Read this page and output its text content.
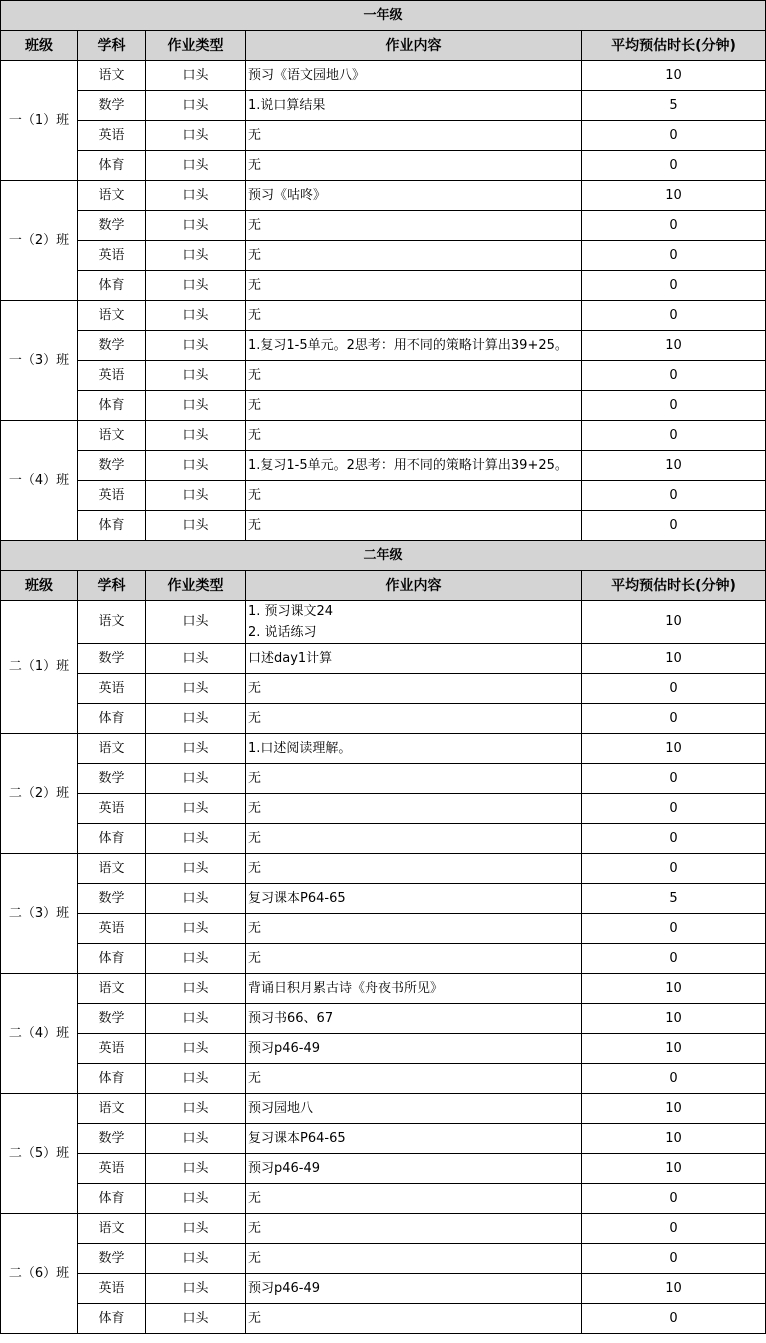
一年级				
班级	学科	作业类型	作业内容	平均预估时长(分钟)
一（1）班	语文	口头	预习《语文园地八》	10
	数学	口头	1.说口算结果	5
	英语	口头	无	0
	体育	口头	无	0
一（2）班	语文	口头	预习《咕咚》	10
	数学	口头	无	0
	英语	口头	无	0
	体育	口头	无	0
一（3）班	语文	口头	无	0
	数学	口头	1.复习1-5单元。2思考：用不同的策略计算出39+25。	10
	英语	口头	无	0
	体育	口头	无	0
一（4）班	语文	口头	无	0
	数学	口头	1.复习1-5单元。2思考：用不同的策略计算出39+25。	10
	英语	口头	无	0
	体育	口头	无	0
二年级				
班级	学科	作业类型	作业内容	平均预估时长(分钟)
二（1）班	语文	口头	1. 预习课文24
2. 说话练习	10
	数学	口头	口述day1计算	10
	英语	口头	无	0
	体育	口头	无	0
二（2）班	语文	口头	1.口述阅读理解。	10
	数学	口头	无	0
	英语	口头	无	0
	体育	口头	无	0
二（3）班	语文	口头	无	0
	数学	口头	复习课本P64-65	5
	英语	口头	无	0
	体育	口头	无	0
二（4）班	语文	口头	背诵日积月累古诗《舟夜书所见》	10
	数学	口头	预习书66、67	10
	英语	口头	预习p46-49	10
	体育	口头	无	0
二（5）班	语文	口头	预习园地八	10
	数学	口头	复习课本P64-65	10
	英语	口头	预习p46-49	10
	体育	口头	无	0
二（6）班	语文	口头	无	0
	数学	口头	无	0
	英语	口头	预习p46-49	10
	体育	口头	无	0
